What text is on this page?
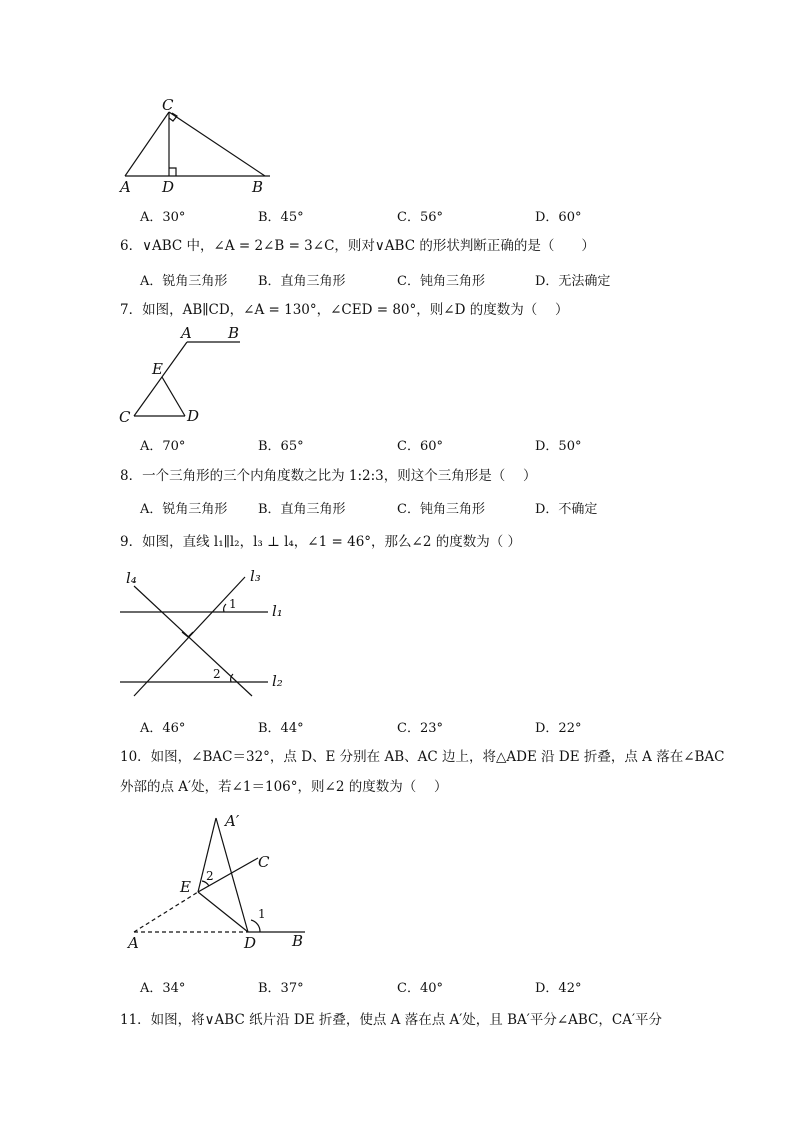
C
A D	B
A．30°	B．45°	C．56°	D．60°
6．∨ABC 中，∠A = 2∠B = 3∠C，则对∨ABC 的形状判断正确的是（　　）
A．锐角三角形 B．直角三角形	C．钝角三角形	D．无法确定
7．如图，AB∥CD，∠A = 130°，∠CED = 80°，则∠D 的度数为（　 ）
A B
E
C	D
A．70°	B．65°	C．60°	D．50°
8．一个三角形的三个内角度数之比为 1:2:3，则这个三角形是（　 ）
A．锐角三角形 B．直角三角形	C．钝角三角形	D．不确定
9．如图，直线 l₁∥l₂，l₃ ⊥ l₄，∠1 = 46°，那么∠2 的度数为（ ）
l₄	l₃
l₁
l₂
1
2
A．46°	B．44°	C．23°	D．22°
10．如图，∠BAC＝32°，点 D、E 分别在 AB、AC 边上，将△ADE 沿 DE 折叠，点 A 落在∠BAC
外部的点 A′处，若∠1＝106°，则∠2 的度数为（　 ）
A′
C
E
2
1
A	D B
A．34°	B．37°	C．40°	D．42°
11．如图，将∨ABC 纸片沿 DE 折叠，使点 A 落在点 A′处，且 BA′平分∠ABC，CA′平分
